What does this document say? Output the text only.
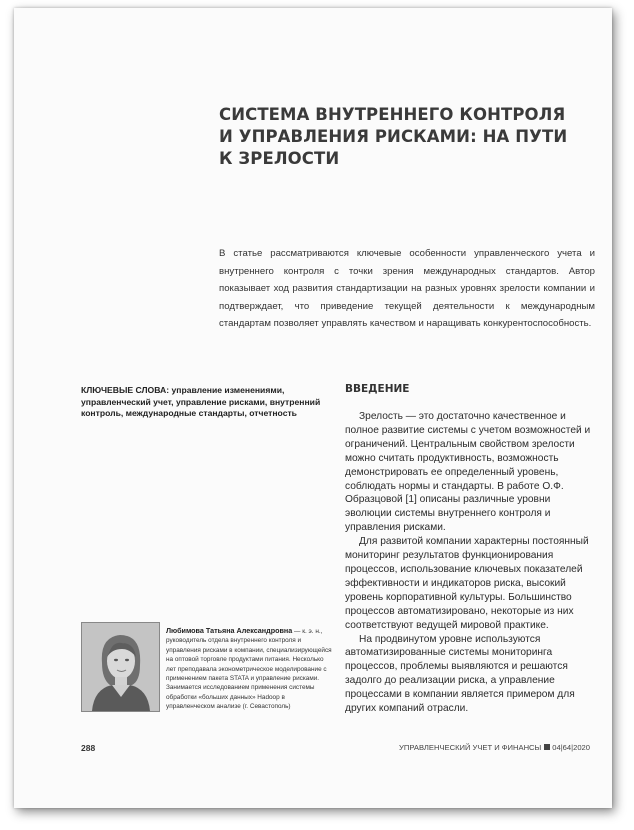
СИСТЕМА ВНУТРЕННЕГО КОНТРОЛЯ
И УПРАВЛЕНИЯ РИСКАМИ: НА ПУТИ
К ЗРЕЛОСТИ
В статье рассматриваются ключевые особенности управленческого учета и внутреннего контроля с точки зрения международных стандартов. Автор показывает ход развития стандартизации на разных уровнях зрелости компании и подтверждает, что приведение текущей деятельности к международным стандартам позволяет управлять качеством и наращивать конкурентоспособность.
КЛЮЧЕВЫЕ СЛОВА: управление изменениями, управленческий учет, управление рисками, внутренний контроль, международные стандарты, отчетность
ВВЕДЕНИЕ

Зрелость — это достаточно качественное и полное развитие системы с учетом возможностей и ограничений. Центральным свойством зрелости можно считать продуктивность, возможность демонстрировать ее определенный уровень, соблюдать нормы и стандарты. В работе О.Ф. Образцовой [1] описаны различные уровни эволюции системы внутреннего контроля и управления рисками.

Для развитой компании характерны постоянный мониторинг результатов функционирования процессов, использование ключевых показателей эффективности и индикаторов риска, высокий уровень корпоративной культуры. Большинство процессов автоматизировано, некоторые из них соответствуют ведущей мировой практике.

На продвинутом уровне используются автоматизированные системы мониторинга процессов, проблемы выявляются и решаются задолго до реализации риска, а управление процессами в компании является примером для других компаний отрасли.

Любимова Татьяна Александровна — к. э. н., руководитель отдела внутреннего контроля и управления рисками в компании, специализирующейся на оптовой торговле продуктами питания. Несколько лет преподавала эконометрическое моделирование с применением пакета STATA и управление рисками. Занимается исследованием применения системы обработки «больших данных» Hadoop в управленческом анализе (г. Севастополь)
288	УПРАВЛЕНЧЕСКИЙ УЧЕТ И ФИНАНСЫ 04|64|2020
